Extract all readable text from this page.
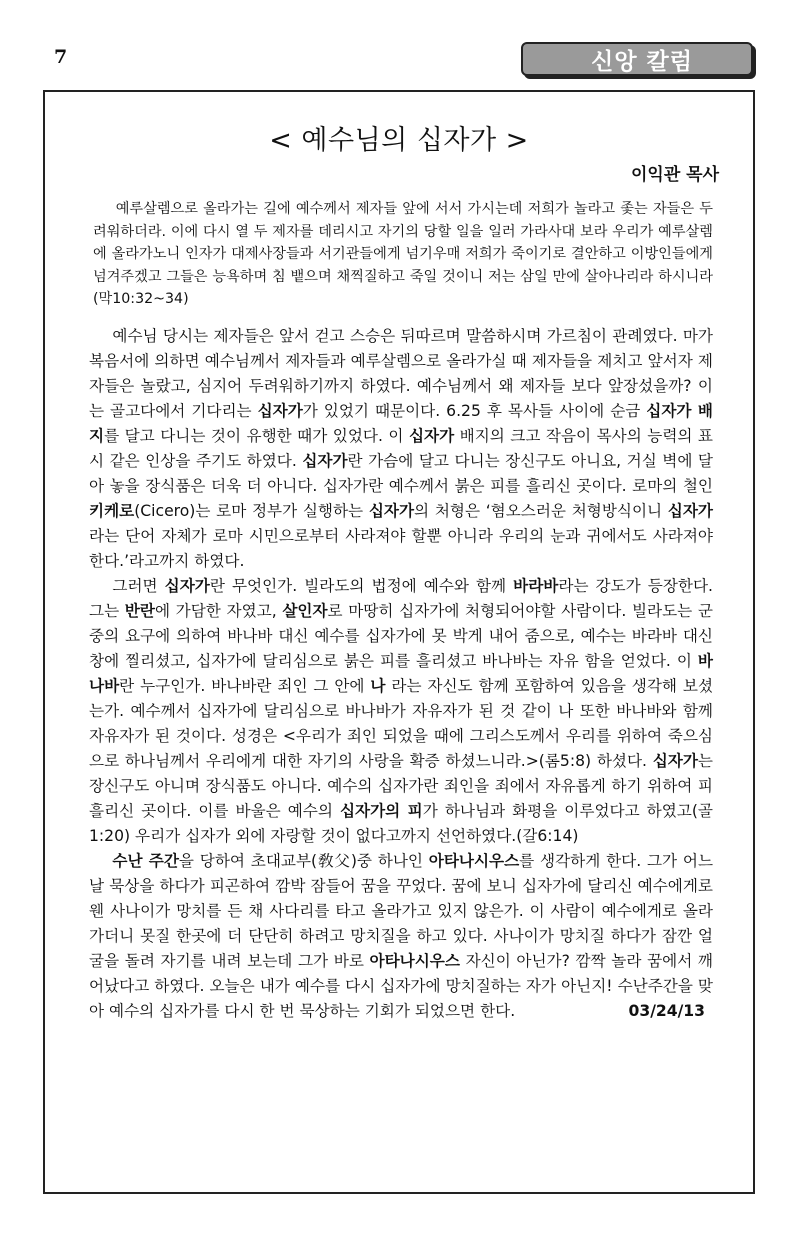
7	신앙 칼럼
< 예수님의 십자가 >
이익관 목사
예루살렘으로 올라가는 길에 예수께서 제자들 앞에 서서 가시는데 저희가 놀라고 좇는 자들은 두려워하더라. 이에 다시 열 두 제자를 데리시고 자기의 당할 일을 일러 가라사대 보라 우리가 예루살렘에 올라가노니 인자가 대제사장들과 서기관들에게 넘기우매 저희가 죽이기로 결안하고 이방인들에게 넘겨주겠고 그들은 능욕하며 침 뱉으며 채찍질하고 죽일 것이니 저는 삼일 만에 살아나리라 하시니라(막10:32~34)

예수님 당시는 제자들은 앞서 걷고 스승은 뒤따르며 말씀하시며 가르침이 관례였다. 마가복음서에 의하면 예수님께서 제자들과 예루살렘으로 올라가실 때 제자들을 제치고 앞서자 제자들은 놀랐고, 심지어 두려워하기까지 하였다. 예수님께서 왜 제자들 보다 앞장섰을까? 이는 골고다에서 기다리는 십자가가 있었기 때문이다. 6.25 후 목사들 사이에 순금 십자가 배지를 달고 다니는 것이 유행한 때가 있었다. 이 십자가 배지의 크고 작음이 목사의 능력의 표시 같은 인상을 주기도 하였다. 십자가란 가슴에 달고 다니는 장신구도 아니요, 거실 벽에 달아 놓을 장식품은 더욱 더 아니다. 십자가란 예수께서 붉은 피를 흘리신 곳이다. 로마의 철인 키케로(Cicero)는 로마 정부가 실행하는 십자가의 처형은 ‘혐오스러운 처형방식이니 십자가라는 단어 자체가 로마 시민으로부터 사라져야 할뿐 아니라 우리의 눈과 귀에서도 사라져야 한다.’라고까지 하였다.

그러면 십자가란 무엇인가. 빌라도의 법정에 예수와 함께 바라바라는 강도가 등장한다. 그는 반란에 가담한 자였고, 살인자로 마땅히 십자가에 처형되어야할 사람이다. 빌라도는 군중의 요구에 의하여 바나바 대신 예수를 십자가에 못 박게 내어 줌으로, 예수는 바라바 대신 창에 찔리셨고, 십자가에 달리심으로 붉은 피를 흘리셨고 바나바는 자유 함을 얻었다. 이 바나바란 누구인가. 바나바란 죄인 그 안에 나 라는 자신도 함께 포함하여 있음을 생각해 보셨는가. 예수께서 십자가에 달리심으로 바나바가 자유자가 된 것 같이 나 또한 바나바와 함께 자유자가 된 것이다. 성경은 <우리가 죄인 되었을 때에 그리스도께서 우리를 위하여 죽으심으로 하나님께서 우리에게 대한 자기의 사랑을 확증 하셨느니라.>(롬5:8) 하셨다. 십자가는 장신구도 아니며 장식품도 아니다. 예수의 십자가란 죄인을 죄에서 자유롭게 하기 위하여 피 흘리신 곳이다. 이를 바울은 예수의 십자가의 피가 하나님과 화평을 이루었다고 하였고(골1:20) 우리가 십자가 외에 자랑할 것이 없다고까지 선언하였다.(갈6:14)

수난 주간을 당하여 초대교부(敎父)중 하나인 아타나시우스를 생각하게 한다. 그가 어느 날 묵상을 하다가 피곤하여 깜박 잠들어 꿈을 꾸었다. 꿈에 보니 십자가에 달리신 예수에게로 웬 사나이가 망치를 든 채 사다리를 타고 올라가고 있지 않은가. 이 사람이 예수에게로 올라가더니 못질 한곳에 더 단단히 하려고 망치질을 하고 있다. 사나이가 망치질 하다가 잠깐 얼굴을 돌려 자기를 내려 보는데 그가 바로 아타나시우스 자신이 아닌가? 깜짝 놀라 꿈에서 깨어났다고 하였다. 오늘은 내가 예수를 다시 십자가에 망치질하는 자가 아닌지! 수난주간을 맞아 예수의 십자가를 다시 한 번 묵상하는 기회가 되었으면 한다.	03/24/13
